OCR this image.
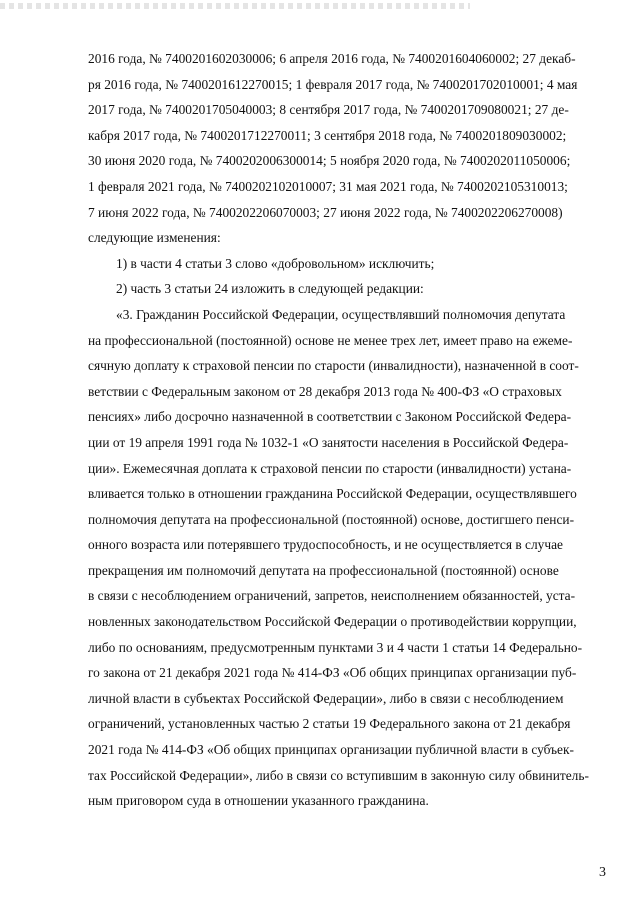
2016 года, № 7400201602030006; 6 апреля 2016 года, № 7400201604060002; 27 декаб-
ря 2016 года, № 7400201612270015; 1 февраля 2017 года, № 7400201702010001; 4 мая
2017 года, № 7400201705040003; 8 сентября 2017 года, № 7400201709080021; 27 де-
кабря 2017 года, № 7400201712270011; 3 сентября 2018 года, № 7400201809030002;
30 июня 2020 года, № 7400202006300014; 5 ноября 2020 года, № 7400202011050006;
1 февраля 2021 года, № 7400202102010007; 31 мая 2021 года, № 7400202105310013;
7 июня 2022 года, № 7400202206070003; 27 июня 2022 года, № 7400202206270008)
следующие изменения:
1) в части 4 статьи 3 слово «добровольном» исключить;
2) часть 3 статьи 24 изложить в следующей редакции:
«3. Гражданин Российской Федерации, осуществлявший полномочия депутата
на профессиональной (постоянной) основе не менее трех лет, имеет право на ежеме-
сячную доплату к страховой пенсии по старости (инвалидности), назначенной в соот-
ветствии с Федеральным законом от 28 декабря 2013 года № 400-ФЗ «О страховых
пенсиях» либо досрочно назначенной в соответствии с Законом Российской Федера-
ции от 19 апреля 1991 года № 1032-1 «О занятости населения в Российской Федера-
ции». Ежемесячная доплата к страховой пенсии по старости (инвалидности) устана-
вливается только в отношении гражданина Российской Федерации, осуществлявшего
полномочия депутата на профессиональной (постоянной) основе, достигшего пенси-
онного возраста или потерявшего трудоспособность, и не осуществляется в случае
прекращения им полномочий депутата на профессиональной (постоянной) основе
в связи с несоблюдением ограничений, запретов, неисполнением обязанностей, уста-
новленных законодательством Российской Федерации о противодействии коррупции,
либо по основаниям, предусмотренным пунктами 3 и 4 части 1 статьи 14 Федерально-
го закона от 21 декабря 2021 года № 414-ФЗ «Об общих принципах организации пуб-
личной власти в субъектах Российской Федерации», либо в связи с несоблюдением
ограничений, установленных частью 2 статьи 19 Федерального закона от 21 декабря
2021 года № 414-ФЗ «Об общих принципах организации публичной власти в субъек-
тах Российской Федерации», либо в связи со вступившим в законную силу обвинитель-
ным приговором суда в отношении указанного гражданина.
3
